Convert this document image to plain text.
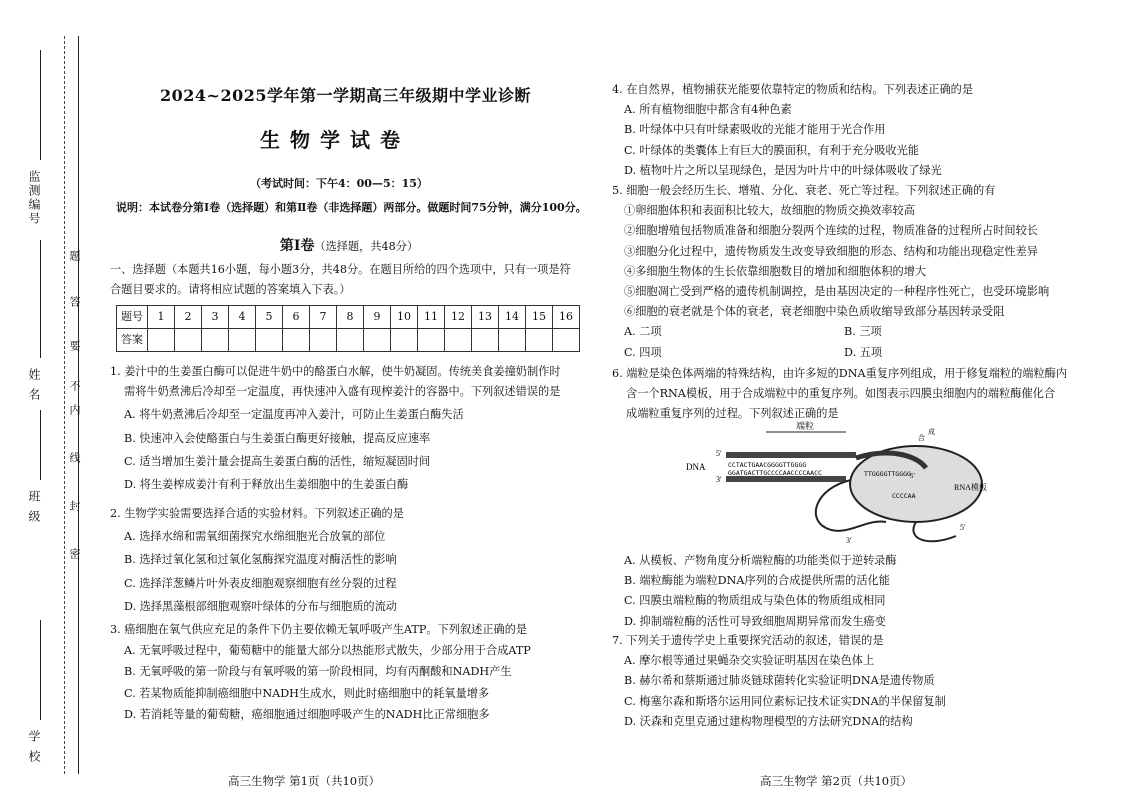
学 校
班 级
姓 名
监测编号
密
封
线
内
不
要
答
题
2024~2025学年第一学期高三年级期中学业诊断
生物学试卷
（考试时间：下午4：00—5：15）
说明：本试卷分第Ⅰ卷（选择题）和第Ⅱ卷（非选择题）两部分。做题时间75分钟，满分100分。
第Ⅰ卷（选择题，共48分）
一、选择题（本题共16小题，每小题3分，共48分。在题目所给的四个选项中，只有一项是符
合题目要求的。请将相应试题的答案填入下表。）
题号	1	2	3	4	5	6	7	8	9	10	11	12	13	14	15	16
答案																
1. 姜汁中的生姜蛋白酶可以促进牛奶中的酪蛋白水解，使牛奶凝固。传统美食姜撞奶制作时
需将牛奶煮沸后冷却至一定温度，再快速冲入盛有现榨姜汁的容器中。下列叙述错误的是
A. 将牛奶煮沸后冷却至一定温度再冲入姜汁，可防止生姜蛋白酶失活
B. 快速冲入会使酪蛋白与生姜蛋白酶更好接触，提高反应速率
C. 适当增加生姜汁量会提高生姜蛋白酶的活性，缩短凝固时间
D. 将生姜榨成姜汁有利于释放出生姜细胞中的生姜蛋白酶
2. 生物学实验需要选择合适的实验材料。下列叙述正确的是
A. 选择水绵和需氧细菌探究水绵细胞光合放氧的部位
B. 选择过氧化氢和过氧化氢酶探究温度对酶活性的影响
C. 选择洋葱鳞片叶外表皮细胞观察细胞有丝分裂的过程
D. 选择黑藻根部细胞观察叶绿体的分布与细胞质的流动
3. 癌细胞在氧气供应充足的条件下仍主要依赖无氧呼吸产生ATP。下列叙述正确的是
A. 无氧呼吸过程中，葡萄糖中的能量大部分以热能形式散失，少部分用于合成ATP
B. 无氧呼吸的第一阶段与有氧呼吸的第一阶段相同，均有丙酮酸和NADH产生
C. 若某物质能抑制癌细胞中NADH生成水，则此时癌细胞中的耗氧量增多
D. 若消耗等量的葡萄糖，癌细胞通过细胞呼吸产生的NADH比正常细胞多
高三生物学 第1页（共10页）
4. 在自然界，植物捕获光能要依靠特定的物质和结构。下列表述正确的是
A. 所有植物细胞中都含有4种色素
B. 叶绿体中只有叶绿素吸收的光能才能用于光合作用
C. 叶绿体的类囊体上有巨大的膜面积，有利于充分吸收光能
D. 植物叶片之所以呈现绿色，是因为叶片中的叶绿体吸收了绿光
5. 细胞一般会经历生长、增殖、分化、衰老、死亡等过程。下列叙述正确的有
①卵细胞体积和表面积比较大，故细胞的物质交换效率较高
②细胞增殖包括物质准备和细胞分裂两个连续的过程，物质准备的过程所占时间较长
③细胞分化过程中，遗传物质发生改变导致细胞的形态、结构和功能出现稳定性差异
④多细胞生物体的生长依靠细胞数目的增加和细胞体积的增大
⑤细胞凋亡受到严格的遗传机制调控，是由基因决定的一种程序性死亡，也受环境影响
⑥细胞的衰老就是个体的衰老，衰老细胞中染色质收缩导致部分基因转录受阻
A. 二项	B. 三项
C. 四项	D. 五项
6. 端粒是染色体两端的特殊结构，由许多短的DNA重复序列组成，用于修复端粒的端粒酶内
含一个RNA模板，用于合成端粒中的重复序列。如图表示四膜虫细胞内的端粒酶催化合
成端粒重复序列的过程。下列叙述正确的是
端粒
DNA
5′
3′
CCTACTGAACGGGGTTGGGG
GGATGACTTGCCCCAACCCCAACC	TTGGGGTTGGGG
CCCCAA
RNA模板
3′
5′
5′
合
成
A. 从模板、产物角度分析端粒酶的功能类似于逆转录酶
B. 端粒酶能为端粒DNA序列的合成提供所需的活化能
C. 四膜虫端粒酶的物质组成与染色体的物质组成相同
D. 抑制端粒酶的活性可导致细胞周期异常而发生癌变
7. 下列关于遗传学史上重要探究活动的叙述，错误的是
A. 摩尔根等通过果蝇杂交实验证明基因在染色体上
B. 赫尔希和蔡斯通过肺炎链球菌转化实验证明DNA是遗传物质
C. 梅塞尔森和斯塔尔运用同位素标记技术证实DNA的半保留复制
D. 沃森和克里克通过建构物理模型的方法研究DNA的结构
高三生物学 第2页（共10页）
